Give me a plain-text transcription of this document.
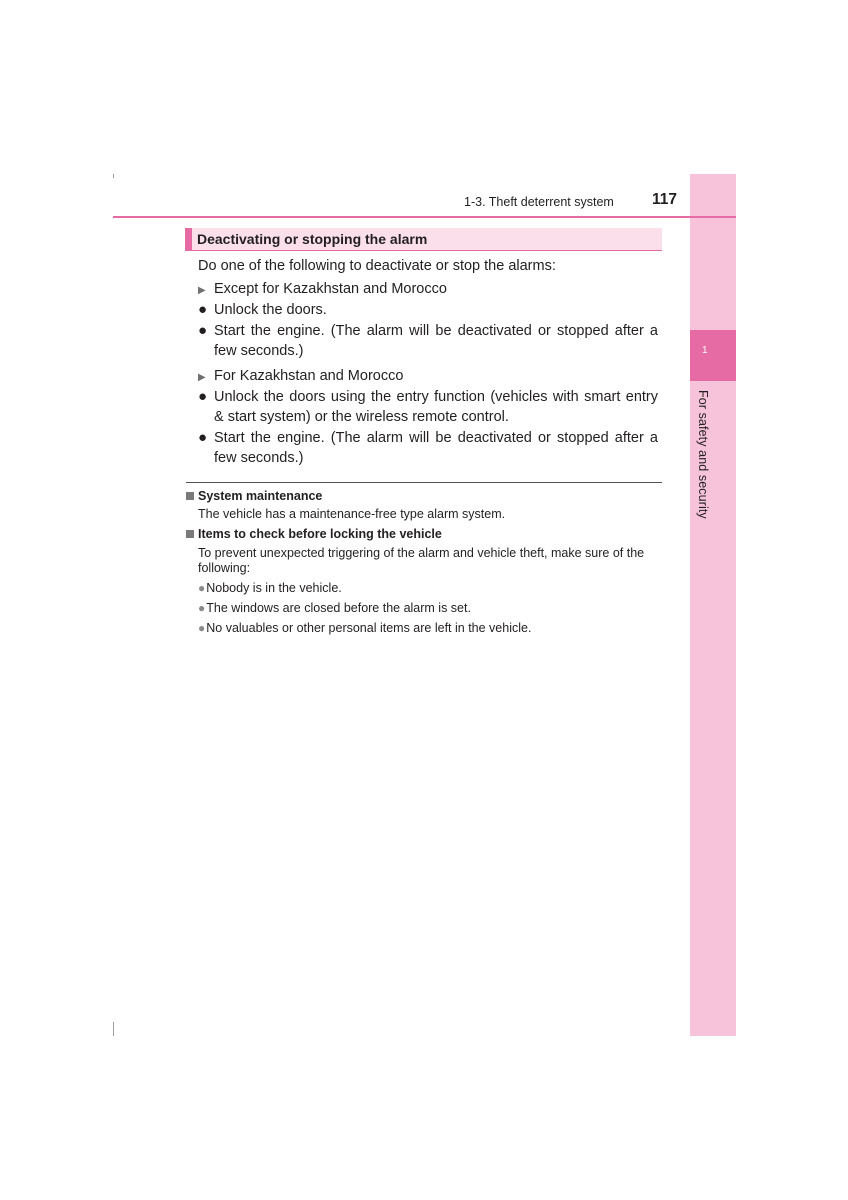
1
For safety and security
1-3. Theft deterrent system 117
Deactivating or stopping the alarm
Do one of the following to deactivate or stop the alarms:
▶ Except for Kazakhstan and Morocco
● Unlock the doors.
● Start the engine. (The alarm will be deactivated or stopped after a few seconds.)
▶ For Kazakhstan and Morocco
● Unlock the doors using the entry function (vehicles with smart entry & start system) or the wireless remote control.
● Start the engine. (The alarm will be deactivated or stopped after a few seconds.)
System maintenance
The vehicle has a maintenance-free type alarm system.
Items to check before locking the vehicle
To prevent unexpected triggering of the alarm and vehicle theft, make sure of the following:
●Nobody is in the vehicle.
●The windows are closed before the alarm is set.
●No valuables or other personal items are left in the vehicle.
